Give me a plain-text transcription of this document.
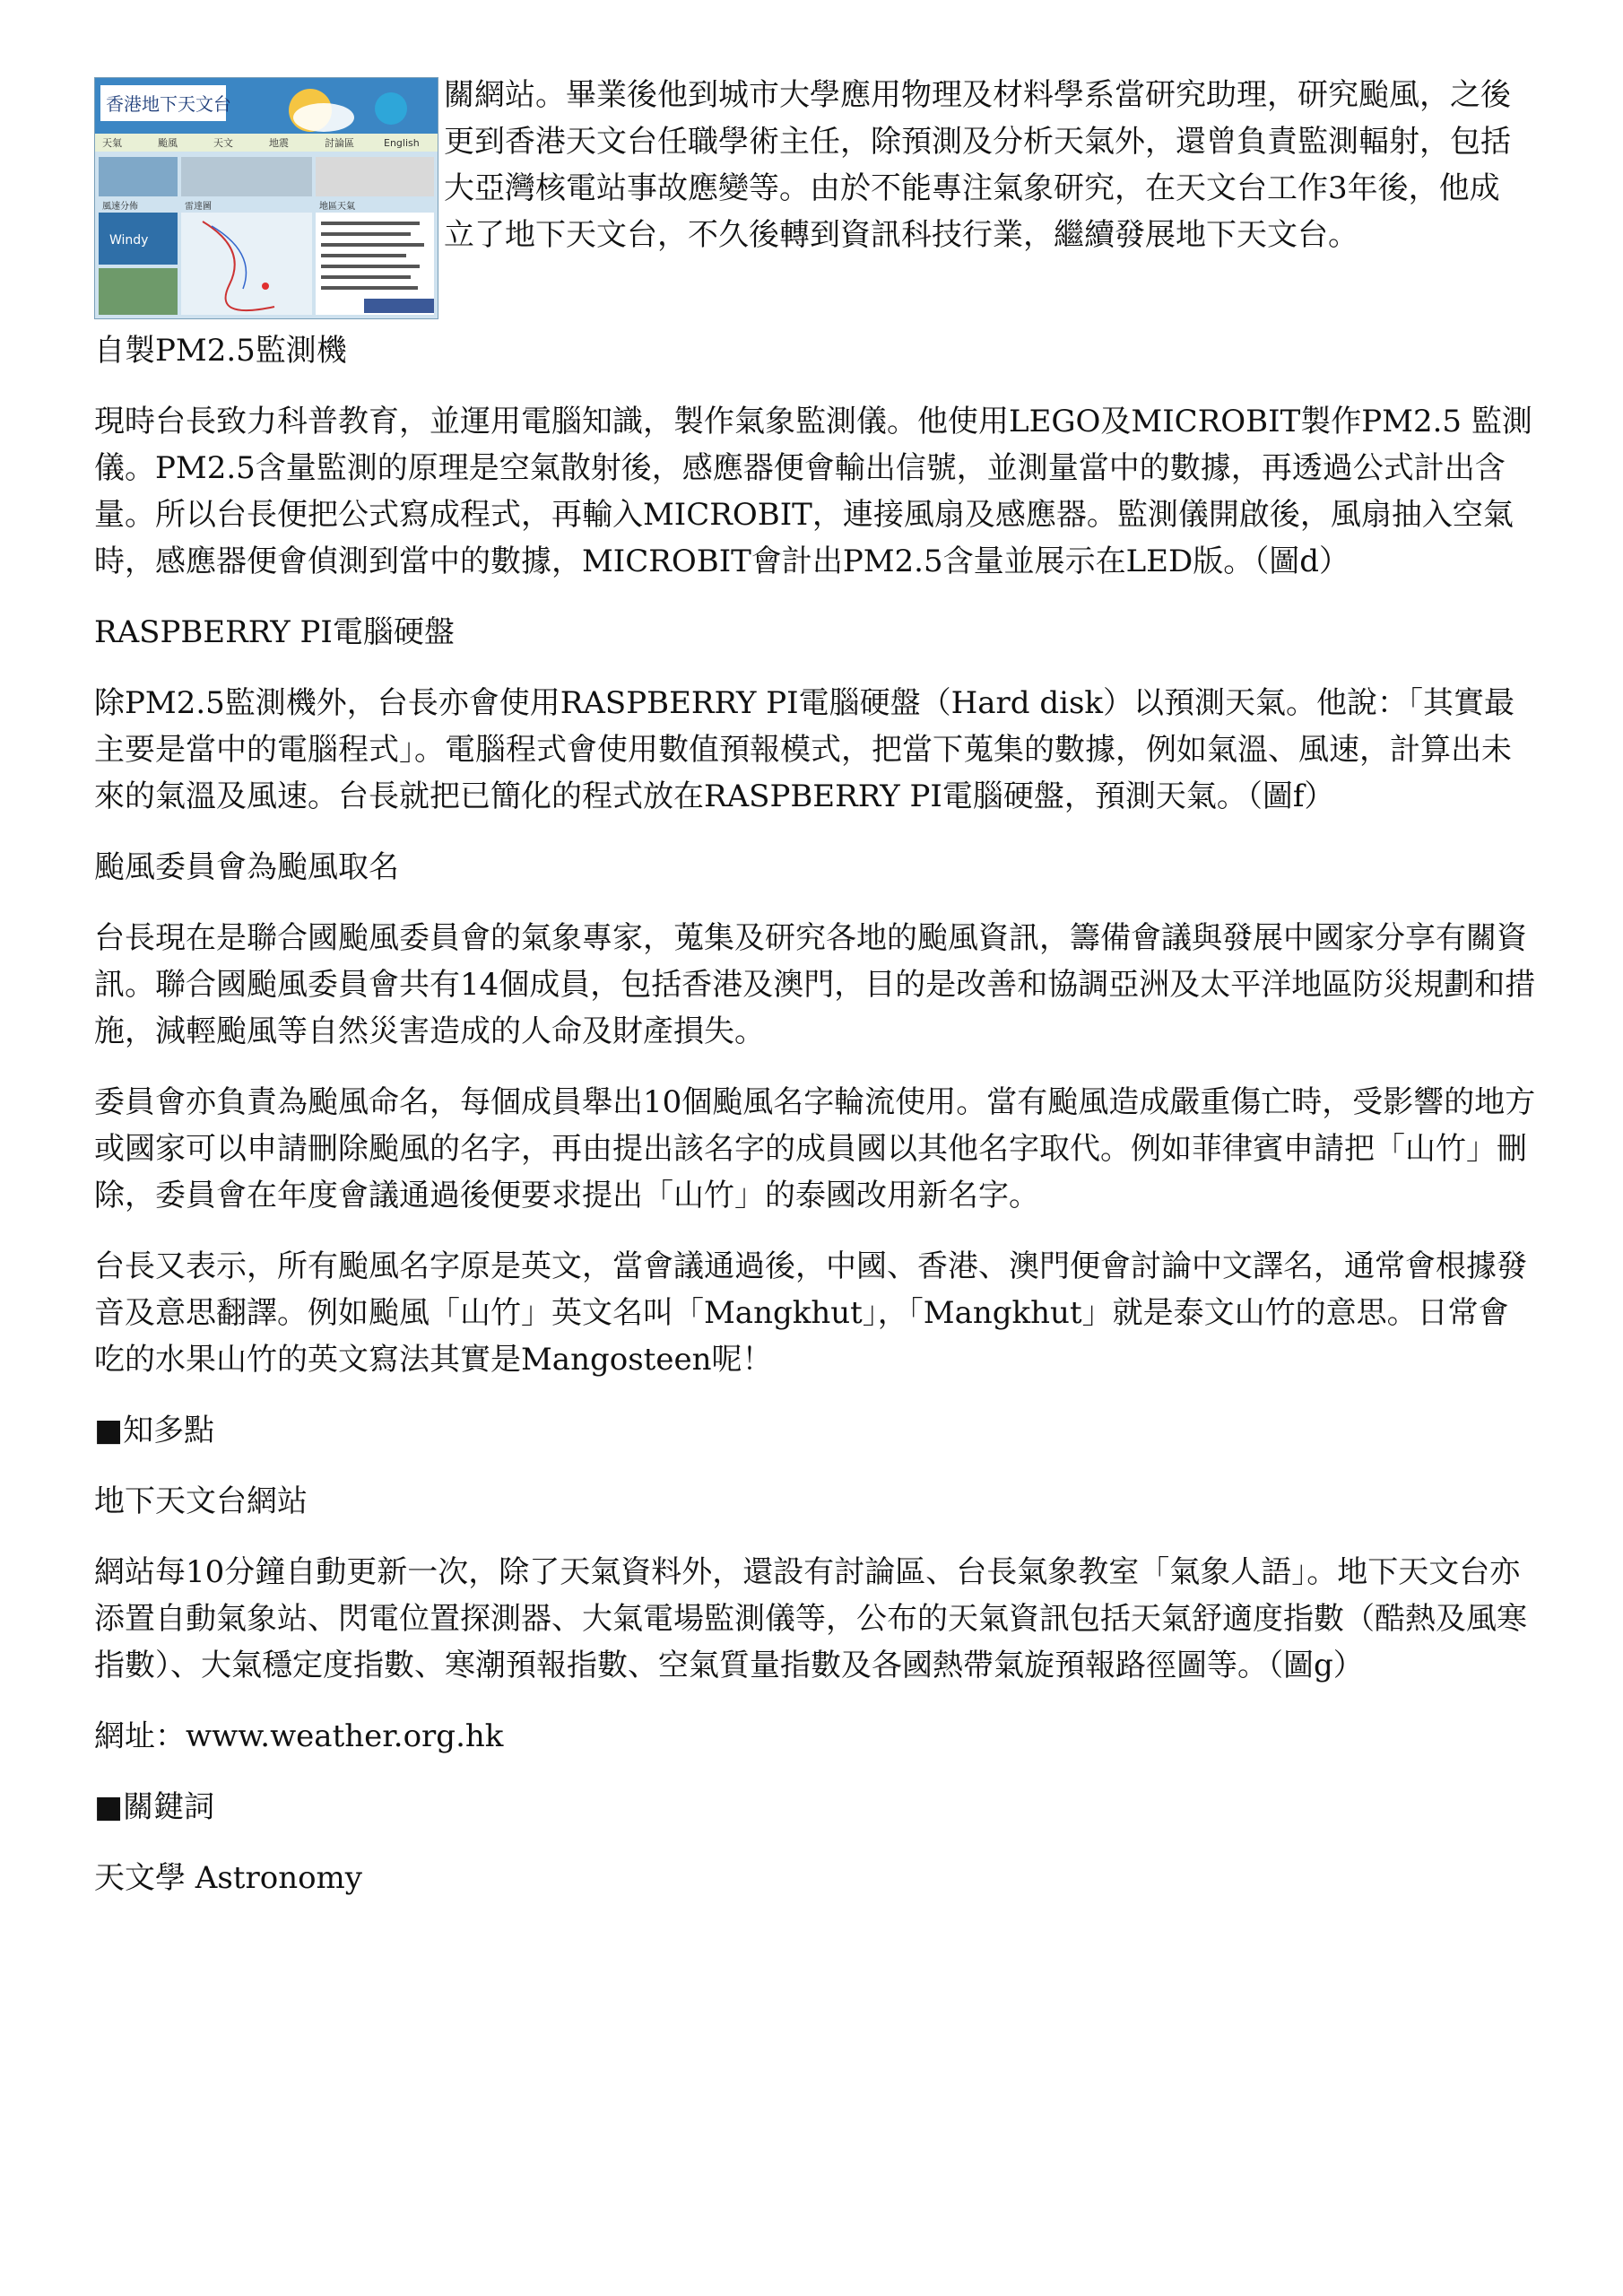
香港地下天文台
天氣	颱風	天文	地震	討論區	English
風速分佈	雷達圖	地區天氣
Windy
關網站。畢業後他到城市大學應用物理及材料學系當研究助理，研究颱風，之後更到香港天文台任職學術主任，除預測及分析天氣外，還曾負責監測輻射，包括大亞灣核電站事故應變等。由於不能專注氣象研究，在天文台工作3年後，他成立了地下天文台，不久後轉到資訊科技行業，繼續發展地下天文台。
自製PM2.5監測機

現時台長致力科普教育，並運用電腦知識，製作氣象監測儀。他使用LEGO及MICROBIT製作PM2.5 監測儀。PM2.5含量監測的原理是空氣散射後，感應器便會輸出信號，並測量當中的數據，再透過公式計出含量。所以台長便把公式寫成程式，再輸入MICROBIT，連接風扇及感應器。監測儀開啟後，風扇抽入空氣時，感應器便會偵測到當中的數據，MICROBIT會計出PM2.5含量並展示在LED版。（圖d）

RASPBERRY PI電腦硬盤

除PM2.5監測機外，台長亦會使用RASPBERRY PI電腦硬盤（Hard disk）以預測天氣。他說：「其實最主要是當中的電腦程式」。電腦程式會使用數值預報模式，把當下蒐集的數據，例如氣溫、風速，計算出未來的氣溫及風速。台長就把已簡化的程式放在RASPBERRY PI電腦硬盤，預測天氣。（圖f）

颱風委員會為颱風取名

台長現在是聯合國颱風委員會的氣象專家，蒐集及研究各地的颱風資訊，籌備會議與發展中國家分享有關資訊。聯合國颱風委員會共有14個成員，包括香港及澳門，目的是改善和協調亞洲及太平洋地區防災規劃和措施，減輕颱風等自然災害造成的人命及財產損失。

委員會亦負責為颱風命名，每個成員舉出10個颱風名字輪流使用。當有颱風造成嚴重傷亡時，受影響的地方或國家可以申請刪除颱風的名字，再由提出該名字的成員國以其他名字取代。例如菲律賓申請把「山竹」刪除，委員會在年度會議通過後便要求提出「山竹」的泰國改用新名字。

台長又表示，所有颱風名字原是英文，當會議通過後，中國、香港、澳門便會討論中文譯名，通常會根據發音及意思翻譯。例如颱風「山竹」英文名叫「Mangkhut」，「Mangkhut」就是泰文山竹的意思。日常會吃的水果山竹的英文寫法其實是Mangosteen呢！

■知多點
地下天文台網站

網站每10分鐘自動更新一次，除了天氣資料外，還設有討論區、台長氣象教室「氣象人語」。地下天文台亦添置自動氣象站、閃電位置探測器、大氣電場監測儀等，公布的天氣資訊包括天氣舒適度指數（酷熱及風寒指數）、大氣穩定度指數、寒潮預報指數、空氣質量指數及各國熱帶氣旋預報路徑圖等。（圖g）

網址：www.weather.org.hk

■關鍵詞

天文學 Astronomy
